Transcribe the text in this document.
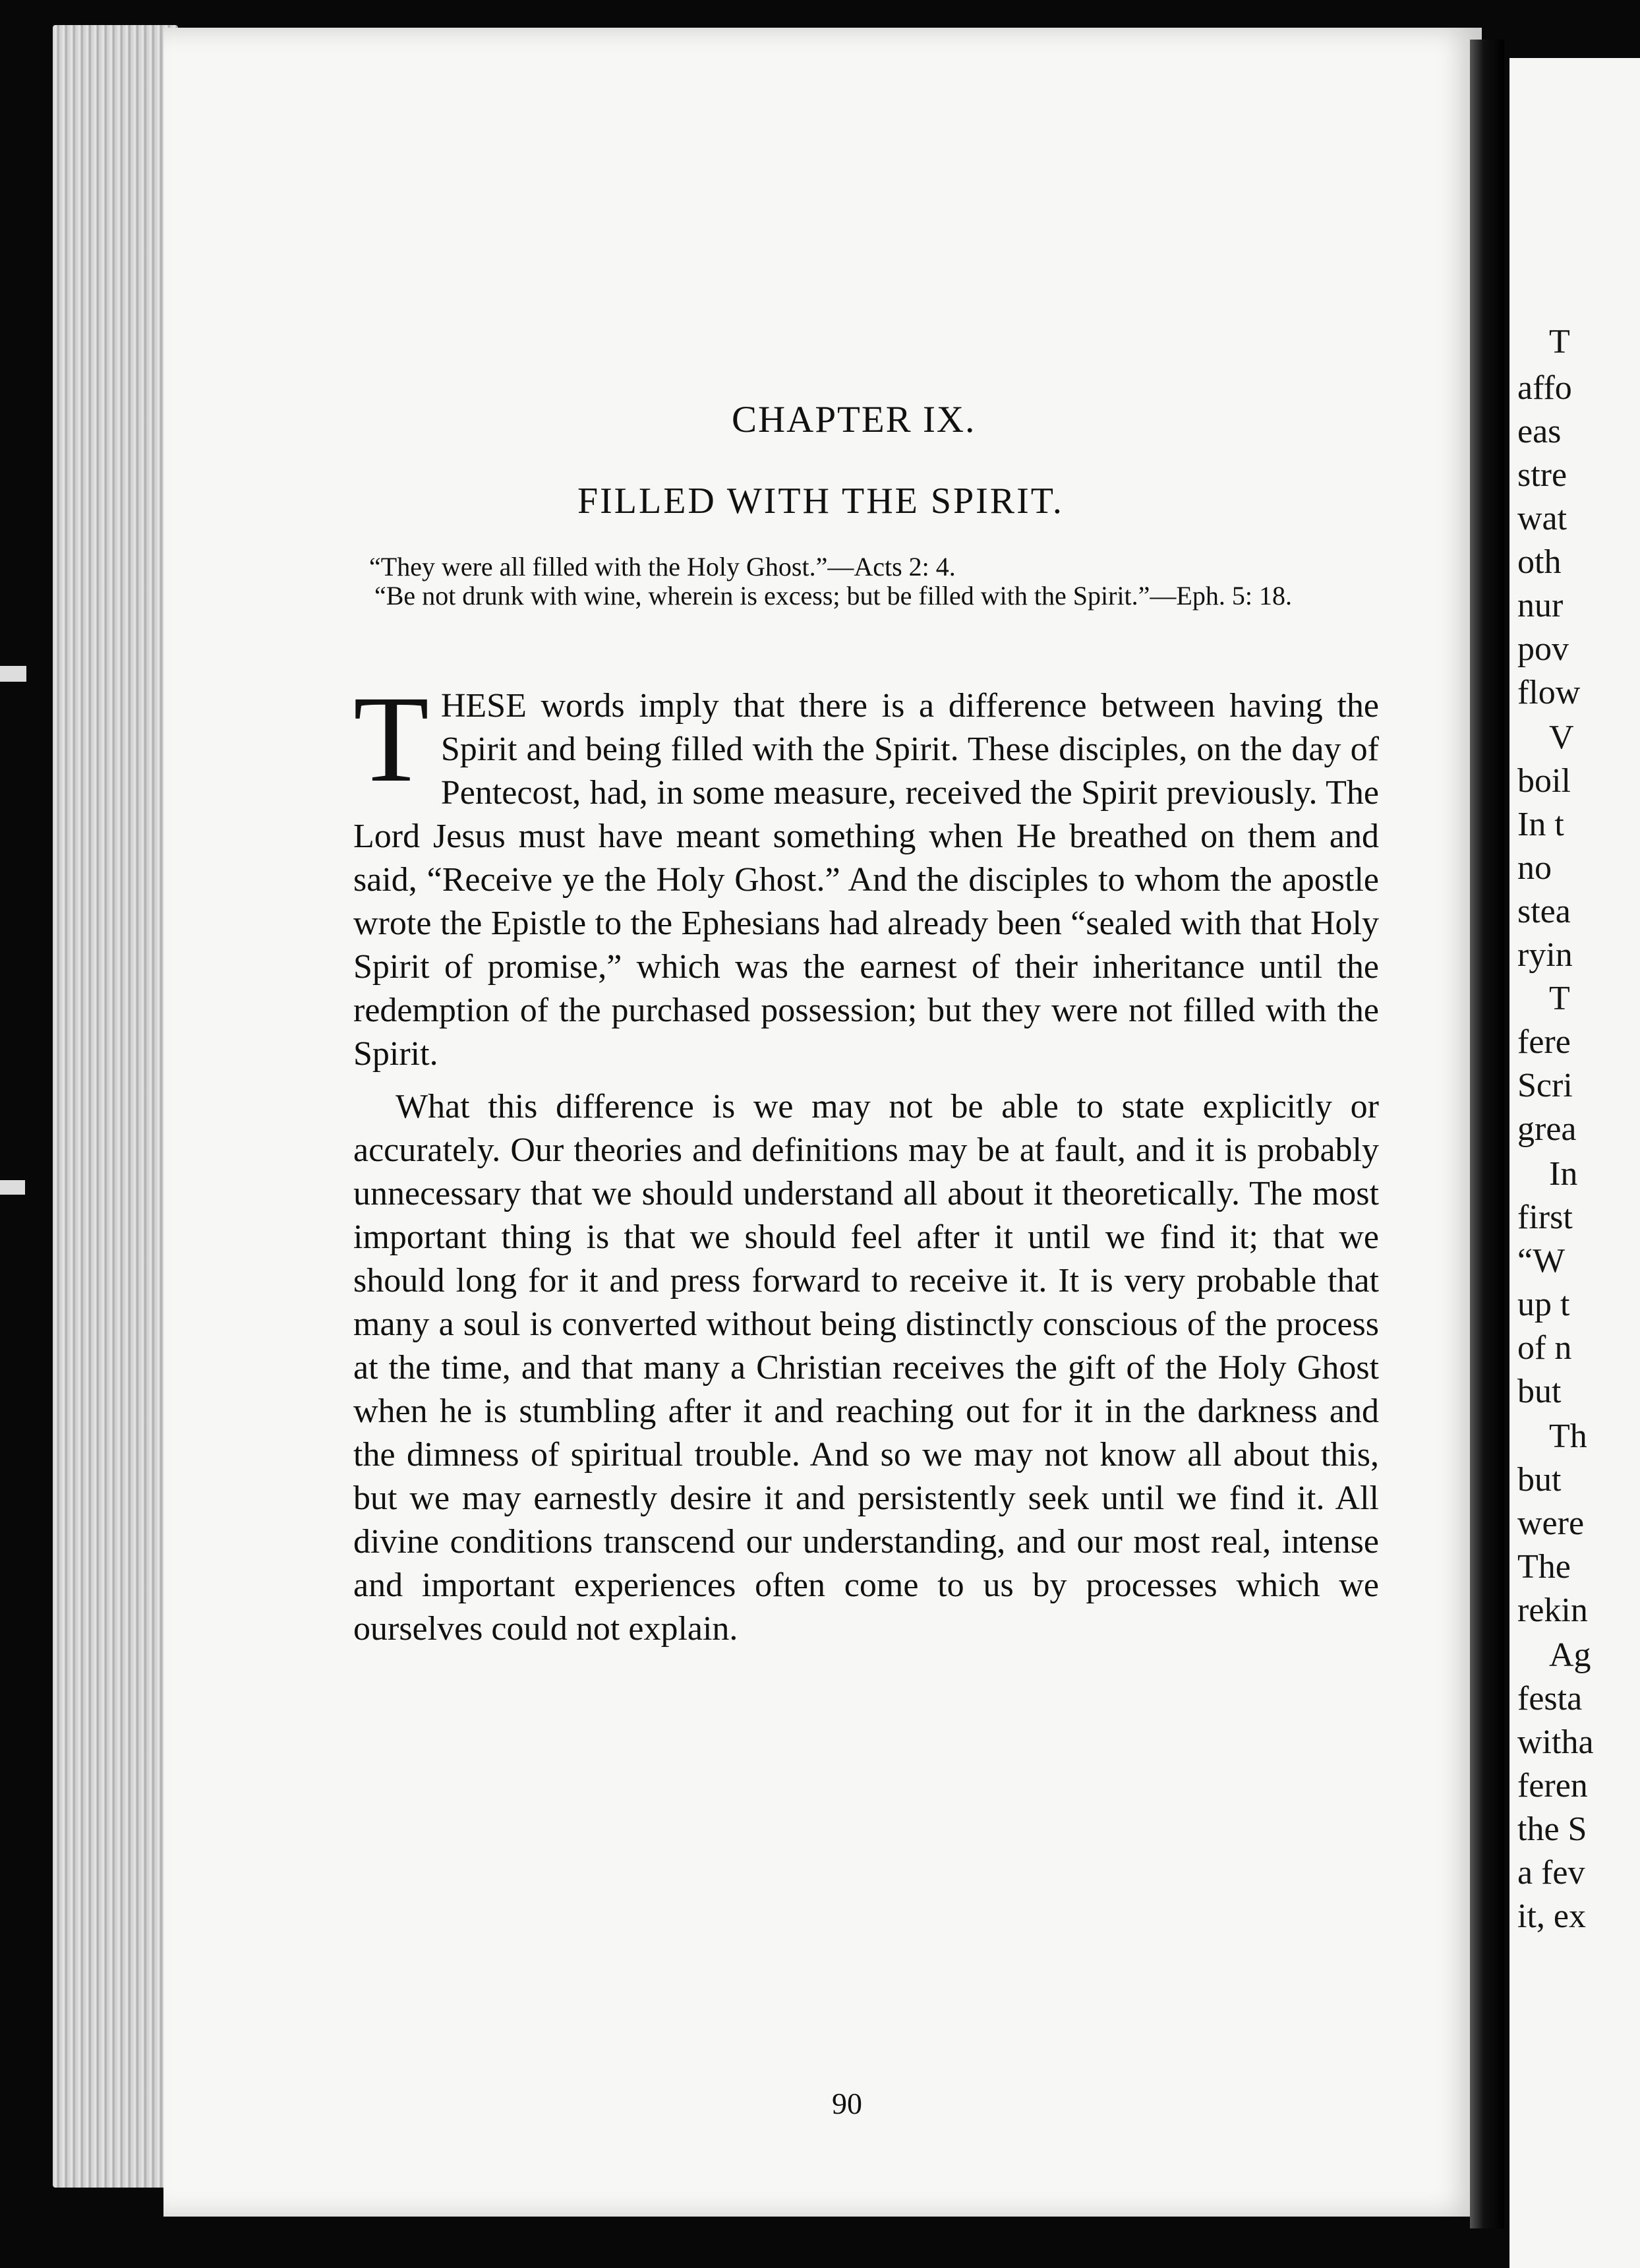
T
affo
eas
stre
wat
oth
nur
pov
flow
V
boil
In t
no
stea
ryin
T
fere
Scri
grea
In
first
“W
up t
of n
but
Th
but
were
The
rekin
Ag
festa
witha
feren
the S
a fev
it, ex
CHAPTER IX.
FILLED WITH THE SPIRIT.

“They were all filled with the Holy Ghost.”—Acts 2: 4.

“Be not drunk with wine, wherein is excess; but be filled with the Spirit.”—Eph. 5: 18.

THESE words imply that there is a difference between having the Spirit and being filled with the Spirit. These disciples, on the day of Pentecost, had, in some measure, received the Spirit previously. The Lord Jesus must have meant something when He breathed on them and said, “Receive ye the Holy Ghost.” And the disciples to whom the apostle wrote the Epistle to the Ephesians had already been “sealed with that Holy Spirit of promise,” which was the earnest of their inheritance until the redemption of the purchased possession; but they were not filled with the Spirit.

What this difference is we may not be able to state explicitly or accurately. Our theories and definitions may be at fault, and it is probably unnecessary that we should understand all about it theoretically. The most important thing is that we should feel after it until we find it; that we should long for it and press forward to receive it. It is very probable that many a soul is converted without being distinctly conscious of the process at the time, and that many a Christian receives the gift of the Holy Ghost when he is stumbling after it and reaching out for it in the darkness and the dimness of spiritual trouble. And so we may not know all about this, but we may earnestly desire it and persistently seek until we find it. All divine conditions transcend our understanding, and our most real, intense and important experiences often come to us by processes which we ourselves could not explain.

90
